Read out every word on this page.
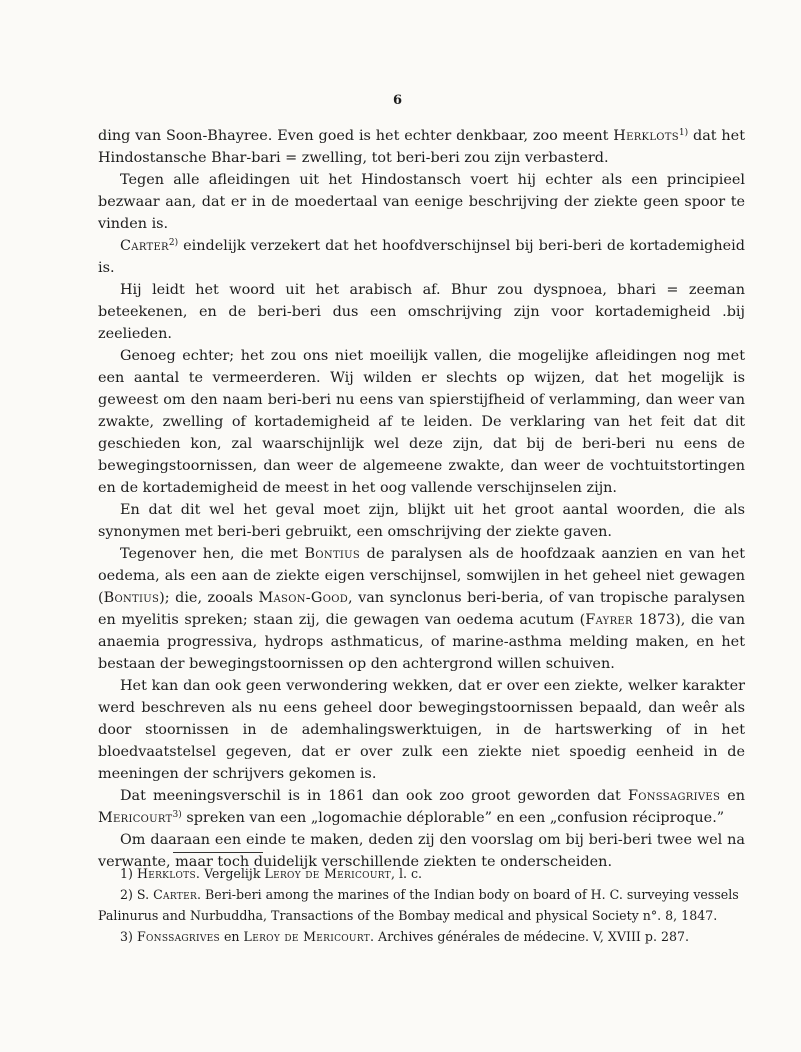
6

ding van Soon-Bhayree. Even goed is het echter denkbaar, zoo meent Herklots$^{1)}$ dat het Hindostansche Bhar-bari = zwelling, tot beri-beri zou zijn verbasterd.

Tegen alle afleidingen uit het Hindostansch voert hij echter als een principieel bezwaar aan, dat er in de moedertaal van eenige beschrijving der ziekte geen spoor te vinden is.

Carter$^{2)}$ eindelijk verzekert dat het hoofdverschijnsel bij beri-beri de kortademigheid is.

Hij leidt het woord uit het arabisch af. Bhur zou dyspnoea, bhari = zeeman beteekenen, en de beri-beri dus een omschrijving zijn voor kortademigheid .bij zeelieden.

Genoeg echter; het zou ons niet moeilijk vallen, die mogelijke afleidingen nog met een aantal te vermeerderen. Wij wilden er slechts op wijzen, dat het mogelijk is geweest om den naam beri-beri nu eens van spierstijfheid of verlamming, dan weer van zwakte, zwelling of kortademigheid af te leiden. De verklaring van het feit dat dit geschieden kon, zal waarschijnlijk wel deze zijn, dat bij de beri-beri nu eens de bewegingstoornissen, dan weer de algemeene zwakte, dan weer de vochtuitstortingen en de kortademigheid de meest in het oog vallende verschijnselen zijn.

En dat dit wel het geval moet zijn, blijkt uit het groot aantal woorden, die als synonymen met beri-beri gebruikt, een omschrijving der ziekte gaven.

Tegenover hen, die met Bontius de paralysen als de hoofdzaak aanzien en van het oedema, als een aan de ziekte eigen verschijnsel, somwijlen in het geheel niet gewagen (Bontius); die, zooals Mason-Good, van synclonus beri-beria, of van tropische paralysen en myelitis spreken; staan zij, die gewagen van oedema acutum (Fayrer 1873), die van anaemia progressiva, hydrops asthmaticus, of marine-asthma melding maken, en het bestaan der bewegingstoornissen op den achtergrond willen schuiven.

Het kan dan ook geen verwondering wekken, dat er over een ziekte, welker karakter werd beschreven als nu eens geheel door bewegingstoornissen bepaald, dan weêr als door stoornissen in de ademhalingswerktuigen, in de hartswerking of in het bloedvaatstelsel gegeven, dat er over zulk een ziekte niet spoedig eenheid in de meeningen der schrijvers gekomen is.

Dat meeningsverschil is in 1861 dan ook zoo groot geworden dat Fonssagrives en Mericourt$^{3)}$ spreken van een „logomachie déplorable” en een „confusion réciproque.”

Om daaraan een einde te maken, deden zij den voorslag om bij beri-beri twee wel na verwante, maar toch duidelijk verschillende ziekten te onderscheiden.

1) Herklots. Vergelijk Leroy de Mericourt, l. c.

2) S. Carter. Beri-beri among the marines of the Indian body on board of H. C. surveying vessels Palinurus and Nurbuddha, Transactions of the Bombay medical and physical Society n°. 8, 1847.

3) Fonssagrives en Leroy de Mericourt. Archives générales de médecine. V, XVIII p. 287.
